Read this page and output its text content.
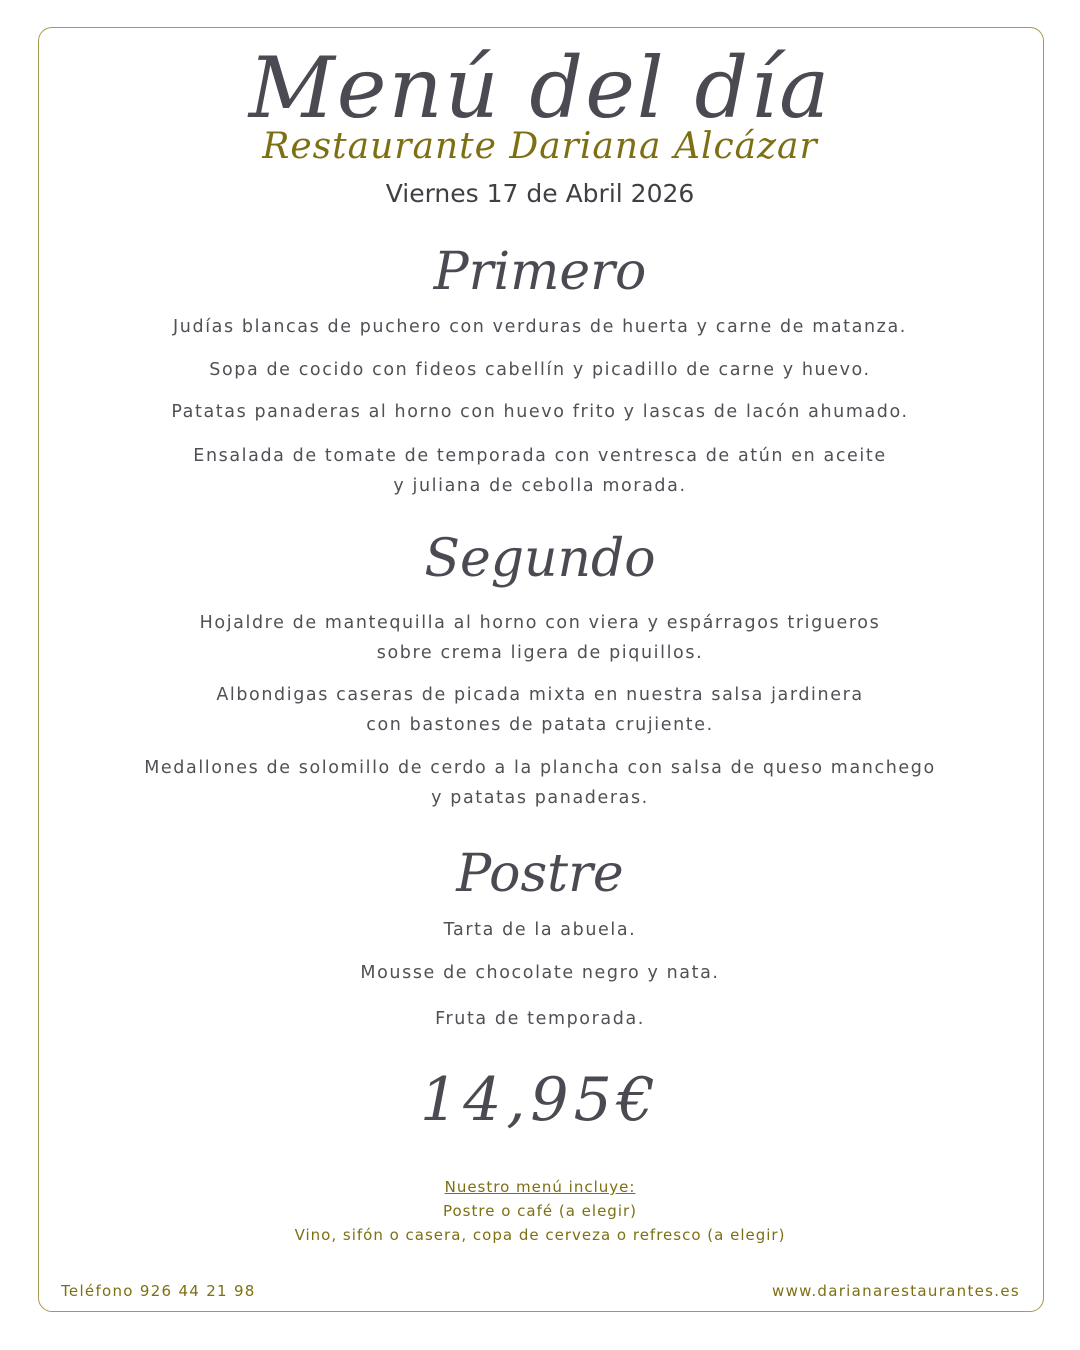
Menú del día
Restaurante Dariana Alcázar
Viernes 17 de Abril 2026
Primero
Judías blancas de puchero con verduras de huerta y carne de matanza.
Sopa de cocido con fideos cabellín y picadillo de carne y huevo.
Patatas panaderas al horno con huevo frito y lascas de lacón ahumado.
Ensalada de tomate de temporada con ventresca de atún en aceite
y juliana de cebolla morada.
Segundo
Hojaldre de mantequilla al horno con viera y espárragos trigueros
sobre crema ligera de piquillos.
Albondigas caseras de picada mixta en nuestra salsa jardinera
con bastones de patata crujiente.
Medallones de solomillo de cerdo a la plancha con salsa de queso manchego
y patatas panaderas.
Postre
Tarta de la abuela.
Mousse de chocolate negro y nata.
Fruta de temporada.
14,95€
Nuestro menú incluye:
Postre o café (a elegir)
Vino, sifón o casera, copa de cerveza o refresco (a elegir)
Teléfono 926 44 21 98	www.darianarestaurantes.es
